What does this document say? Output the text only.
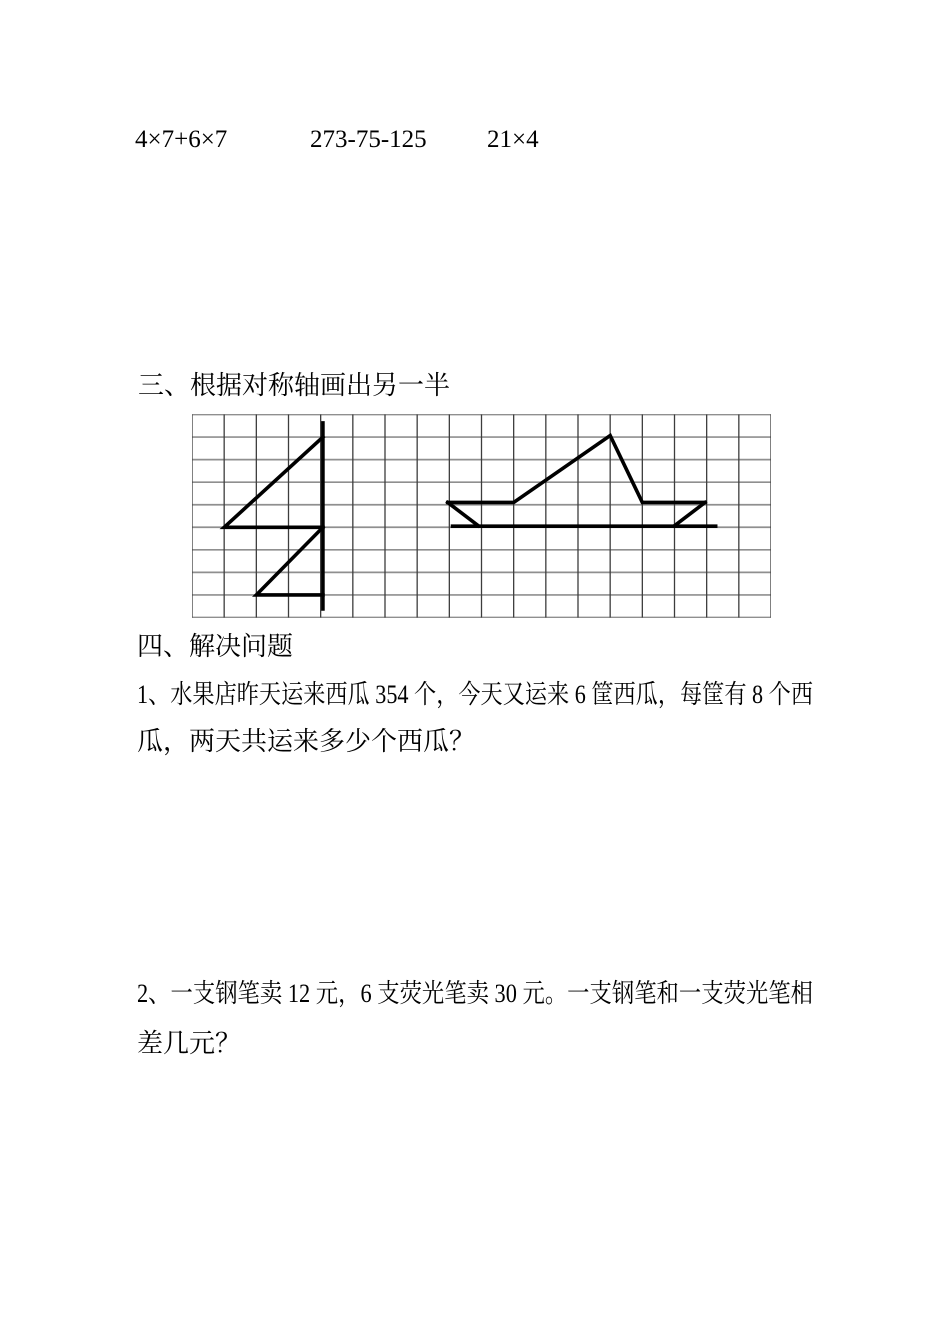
4×7+6×7	273-75-125 21×4
三、根据对称轴画出另一半
四、解决问题
1、水果店昨天运来西瓜 354 个，今天又运来 6 筐西瓜，每筐有 8 个西
瓜，两天共运来多少个西瓜？
2、一支钢笔卖 12 元，6 支荧光笔卖 30 元。一支钢笔和一支荧光笔相
差几元？
